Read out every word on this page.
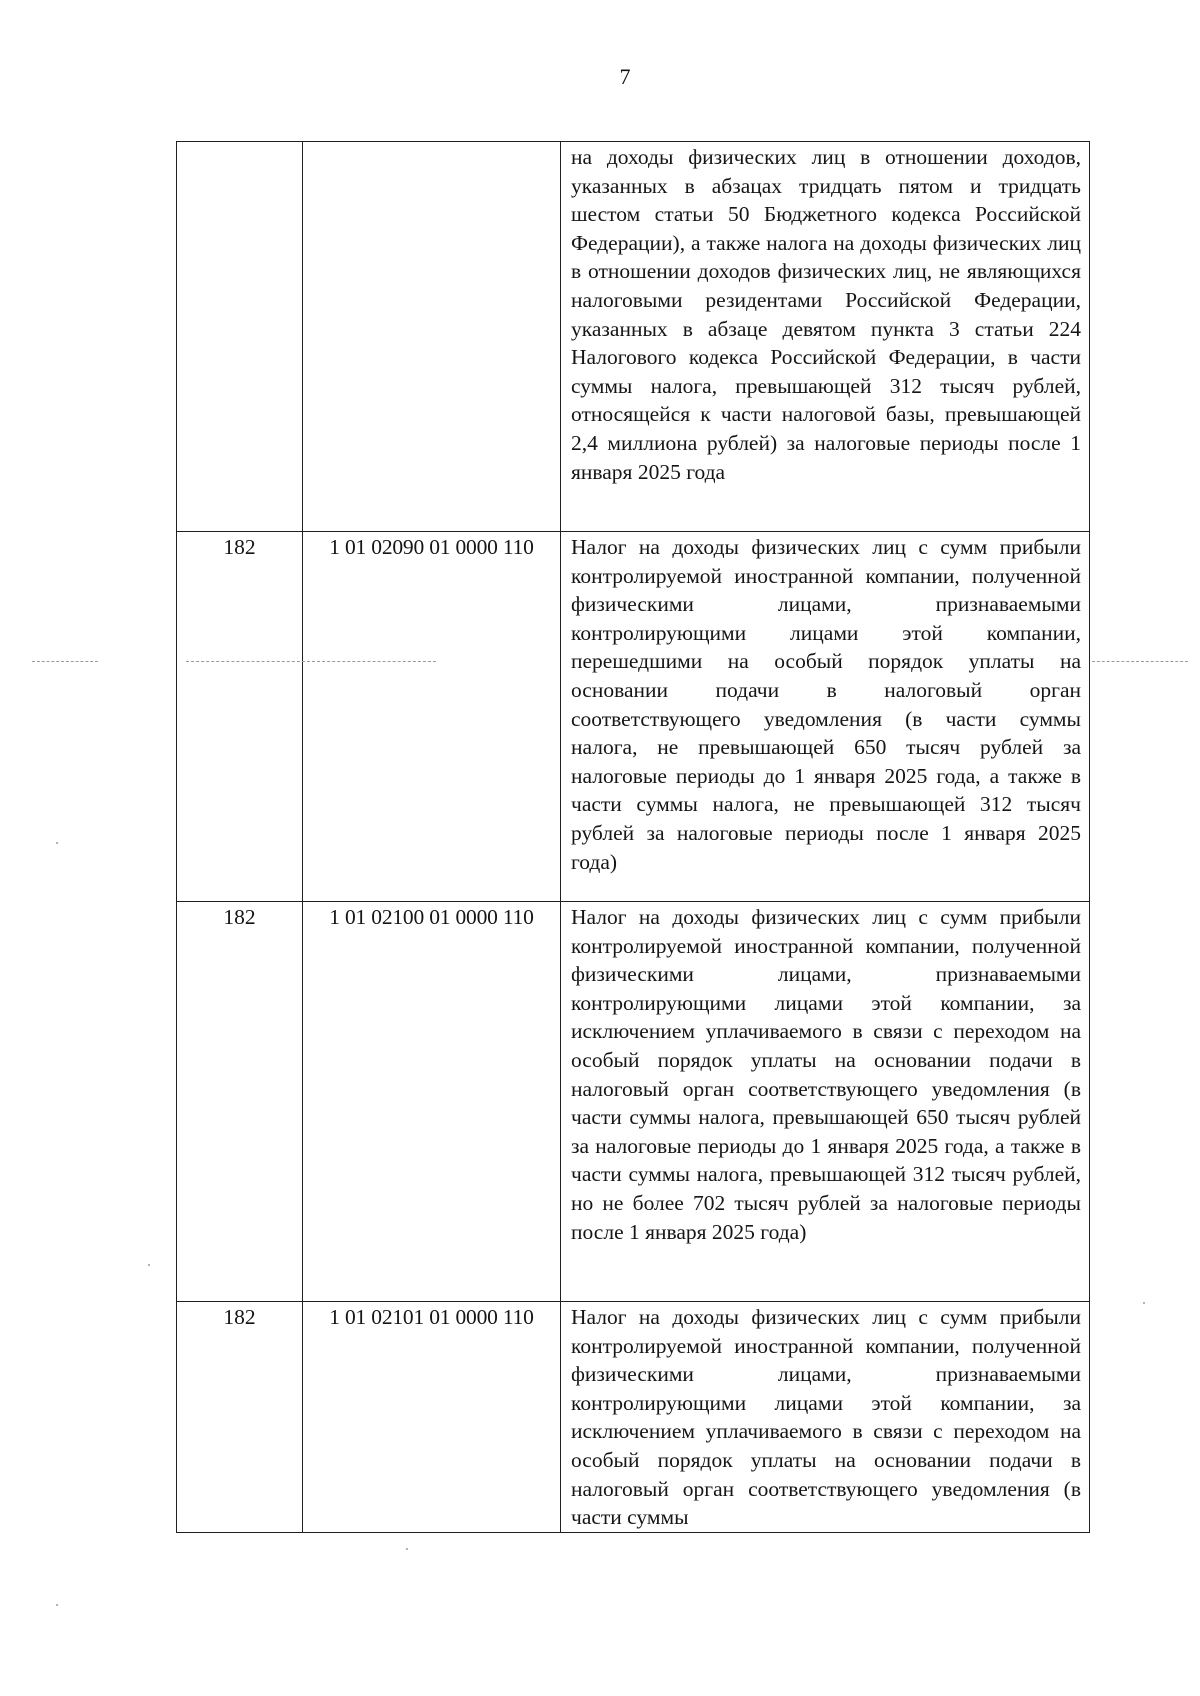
7
		на доходы физических лиц в отношении доходов, указанных в абзацах тридцать пятом и тридцать шестом статьи 50 Бюджетного кодекса Российской Федерации), а также налога на доходы физических лиц в отношении доходов физических лиц, не являющихся налоговыми резидентами Российской Федерации, указанных в абзаце девятом пункта 3 статьи 224 Налогового кодекса Российской Федерации, в части суммы налога, превышающей 312 тысяч рублей, относящейся к части налоговой базы, превышающей 2,4 миллиона рублей) за налоговые периоды после 1 января 2025 года
182	1 01 02090 01 0000 110	Налог на доходы физических лиц с сумм прибыли контролируемой иностранной компании, полученной физическими лицами, признаваемыми контролирующими лицами этой компании, перешедшими на особый порядок уплаты на основании подачи в налоговый орган соответствующего уведомления (в части суммы налога, не превышающей 650 тысяч рублей за налоговые периоды до 1 января 2025 года, а также в части суммы налога, не превышающей 312 тысяч рублей за налоговые периоды после 1 января 2025 года)
182	1 01 02100 01 0000 110	Налог на доходы физических лиц с сумм прибыли контролируемой иностранной компании, полученной физическими лицами, признаваемыми контролирующими лицами этой компании, за исключением уплачиваемого в связи с переходом на особый порядок уплаты на основании подачи в налоговый орган соответствующего уведомления (в части суммы налога, превышающей 650 тысяч рублей за налоговые периоды до 1 января 2025 года, а также в части суммы налога, превышающей 312 тысяч рублей, но не более 702 тысяч рублей за налоговые периоды после 1 января 2025 года)
182	1 01 02101 01 0000 110	Налог на доходы физических лиц с сумм прибыли контролируемой иностранной компании, полученной физическими лицами, признаваемыми контролирующими лицами этой компании, за исключением уплачиваемого в связи с переходом на особый порядок уплаты на основании подачи в налоговый орган соответствующего уведомления (в части суммы
